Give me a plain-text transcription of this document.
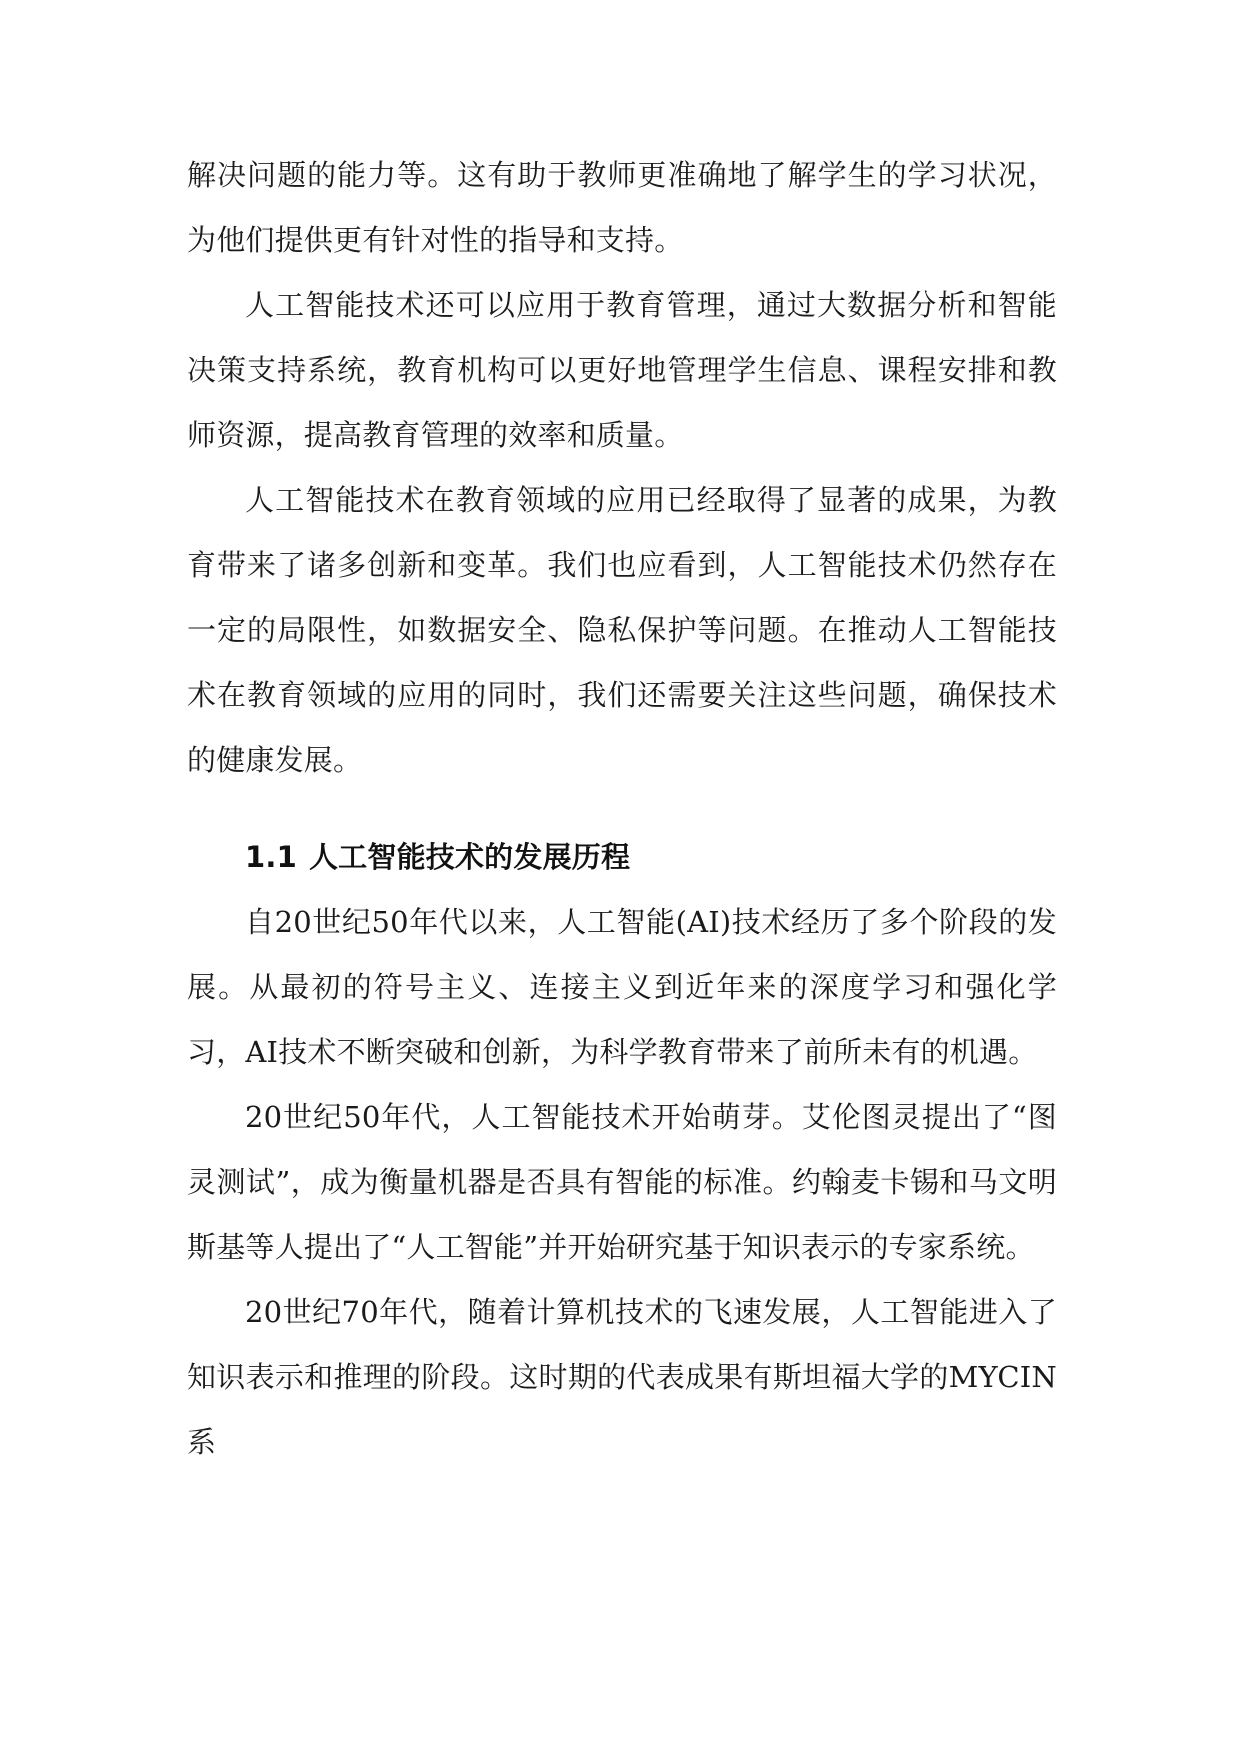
解决问题的能力等。这有助于教师更准确地了解学生的学习状况，为他们提供更有针对性的指导和支持。

人工智能技术还可以应用于教育管理，通过大数据分析和智能决策支持系统，教育机构可以更好地管理学生信息、课程安排和教师资源，提高教育管理的效率和质量。

人工智能技术在教育领域的应用已经取得了显著的成果，为教育带来了诸多创新和变革。我们也应看到，人工智能技术仍然存在一定的局限性，如数据安全、隐私保护等问题。在推动人工智能技术在教育领域的应用的同时，我们还需要关注这些问题，确保技术的健康发展。

1.1 人工智能技术的发展历程

自20世纪50年代以来，人工智能(AI)技术经历了多个阶段的发展。从最初的符号主义、连接主义到近年来的深度学习和强化学习，AI技术不断突破和创新，为科学教育带来了前所未有的机遇。

20世纪50年代，人工智能技术开始萌芽。艾伦图灵提出了“图灵测试”，成为衡量机器是否具有智能的标准。约翰麦卡锡和马文明斯基等人提出了“人工智能”并开始研究基于知识表示的专家系统。

20世纪70年代，随着计算机技术的飞速发展，人工智能进入了知识表示和推理的阶段。这时期的代表成果有斯坦福大学的MYCIN系
